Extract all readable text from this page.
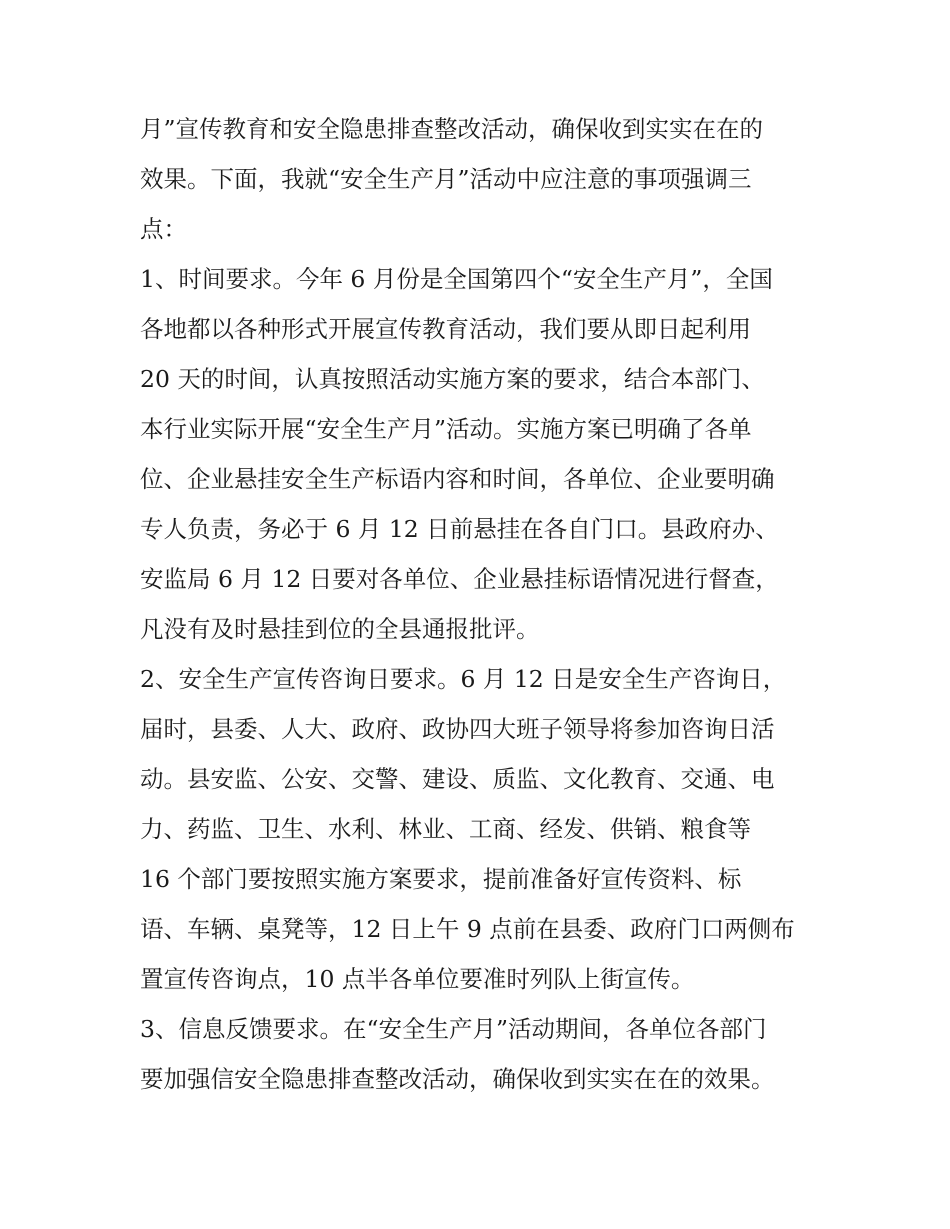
月”宣传教育和安全隐患排查整改活动，确保收到实实在在的
效果。下面，我就“安全生产月”活动中应注意的事项强调三
点：
1、时间要求。今年 6 月份是全国第四个“安全生产月”，全国
各地都以各种形式开展宣传教育活动，我们要从即日起利用
20 天的时间，认真按照活动实施方案的要求，结合本部门、
本行业实际开展“安全生产月”活动。实施方案已明确了各单
位、企业悬挂安全生产标语内容和时间，各单位、企业要明确
专人负责，务必于 6 月 12 日前悬挂在各自门口。县政府办、
安监局 6 月 12 日要对各单位、企业悬挂标语情况进行督查，
凡没有及时悬挂到位的全县通报批评。
2、安全生产宣传咨询日要求。6 月 12 日是安全生产咨询日，
届时，县委、人大、政府、政协四大班子领导将参加咨询日活
动。县安监、公安、交警、建设、质监、文化教育、交通、电
力、药监、卫生、水利、林业、工商、经发、供销、粮食等
16 个部门要按照实施方案要求，提前准备好宣传资料、标
语、车辆、桌凳等，12 日上午 9 点前在县委、政府门口两侧布
置宣传咨询点，10 点半各单位要准时列队上街宣传。
3、信息反馈要求。在“安全生产月”活动期间，各单位各部门
要加强信安全隐患排查整改活动，确保收到实实在在的效果。
